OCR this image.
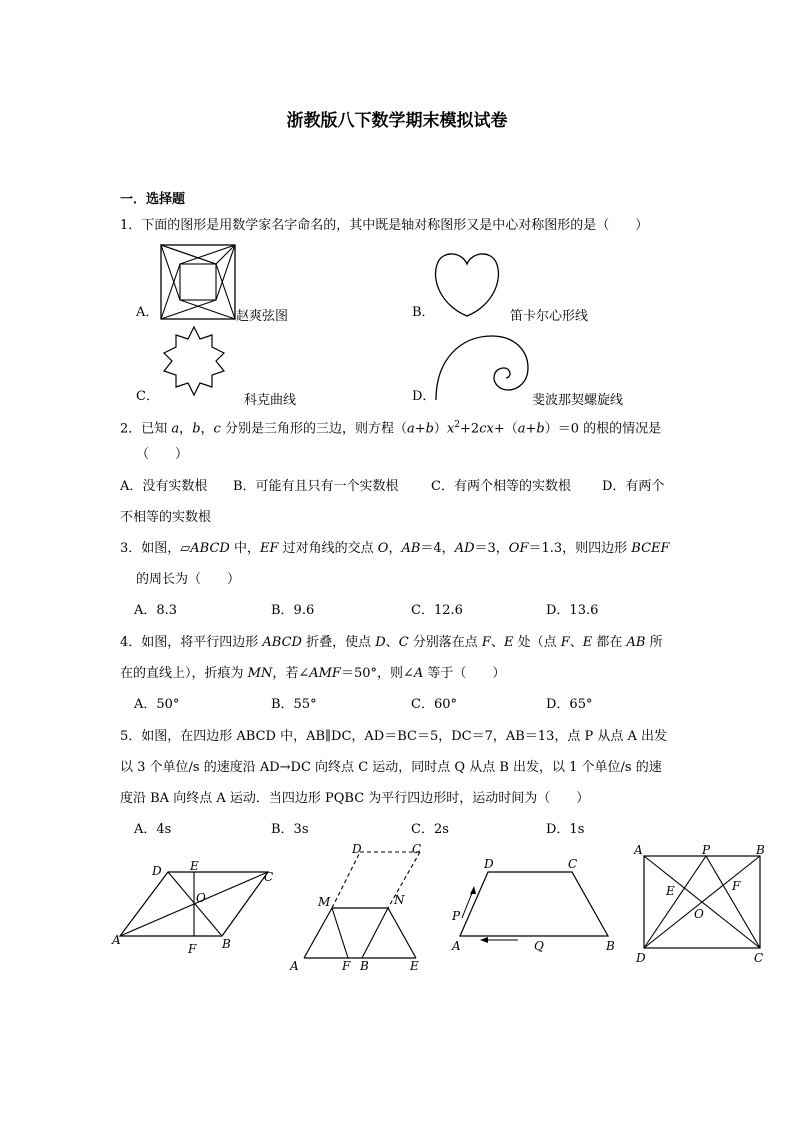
浙教版八下数学期末模拟试卷
一．选择题
1．下面的图形是用数学家名字命名的，其中既是轴对称图形又是中心对称图形的是（　　）
A．	赵爽弦图	B．	笛卡尔心形线
C．	科克曲线	D．	斐波那契螺旋线
2．已知 a，b，c 分别是三角形的三边，则方程$(a+b)x^2+2cx+(a+b)=0$ 的根的情况是
（　　）
A．没有实数根 B．可能有且只有一个实数根 C．有两个相等的实数根 D．有两个
不相等的实数根
3．如图，▱ABCD 中，EF 过对角线的交点 O，AB＝4，AD＝3，OF＝1.3，则四边形 BCEF
的周长为（　　）
A．8.3	B．9.6	C．12.6	D．13.6
4．如图，将平行四边形 ABCD 折叠，使点 D、C 分别落在点 F、E 处（点 F、E 都在 AB 所
在的直线上），折痕为 MN，若∠AMF＝50°，则∠A 等于（　　）
A．50°	B．55°	C．60°	D．65°
5．如图，在四边形 ABCD 中，AB∥DC，AD＝BC＝5，DC＝7，AB＝13，点 P 从点 A 出发
以 3 个单位/s 的速度沿 AD→DC 向终点 C 运动，同时点 Q 从点 B 出发，以 1 个单位/s 的速
度沿 BA 向终点 A 运动．当四边形 PQBC 为平行四边形时，运动时间为（　　）
A．4s	B．3s	C．2s	D．1s
D E
C
O
A
F B
D	C
M	N
A	F B	E
D	C
P
A	Q	B
A	P	B
E	F
O
D	C
